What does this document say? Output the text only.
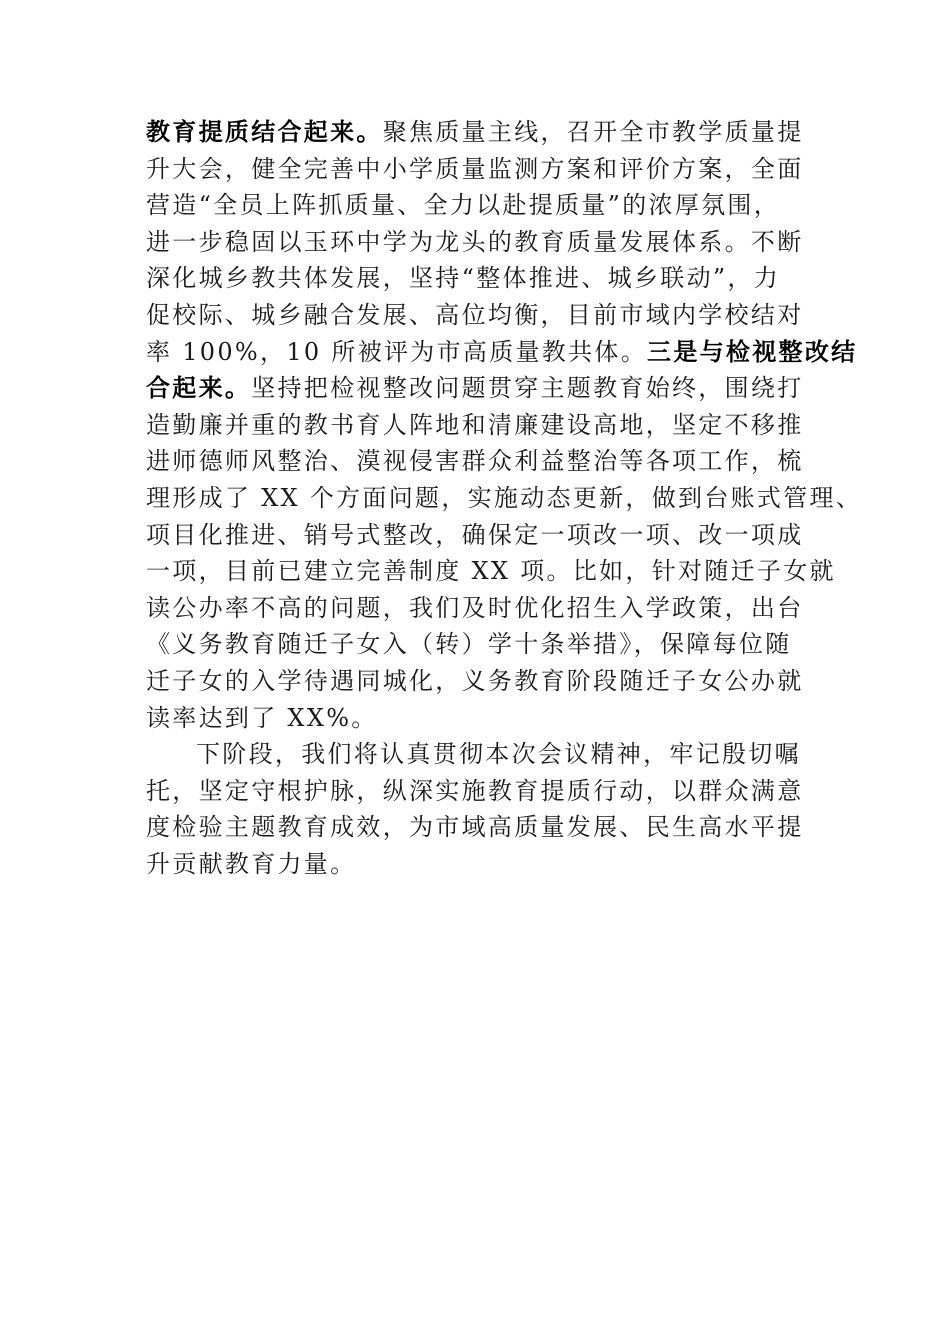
教育提质结合起来。聚焦质量主线，召开全市教学质量提
升大会，健全完善中小学质量监测方案和评价方案，全面
营造“全员上阵抓质量、全力以赴提质量”的浓厚氛围，
进一步稳固以玉环中学为龙头的教育质量发展体系。不断
深化城乡教共体发展，坚持“整体推进、城乡联动”，力
促校际、城乡融合发展、高位均衡，目前市域内学校结对
率 100%，10 所被评为市高质量教共体。三是与检视整改结
合起来。坚持把检视整改问题贯穿主题教育始终，围绕打
造勤廉并重的教书育人阵地和清廉建设高地，坚定不移推
进师德师风整治、漠视侵害群众利益整治等各项工作，梳
理形成了 XX 个方面问题，实施动态更新，做到台账式管理、
项目化推进、销号式整改，确保定一项改一项、改一项成
一项，目前已建立完善制度 XX 项。比如，针对随迁子女就
读公办率不高的问题，我们及时优化招生入学政策，出台
《义务教育随迁子女入（转）学十条举措》，保障每位随
迁子女的入学待遇同城化，义务教育阶段随迁子女公办就
读率达到了 XX%。
下阶段，我们将认真贯彻本次会议精神，牢记殷切嘱
托，坚定守根护脉，纵深实施教育提质行动，以群众满意
度检验主题教育成效，为市域高质量发展、民生高水平提
升贡献教育力量。
